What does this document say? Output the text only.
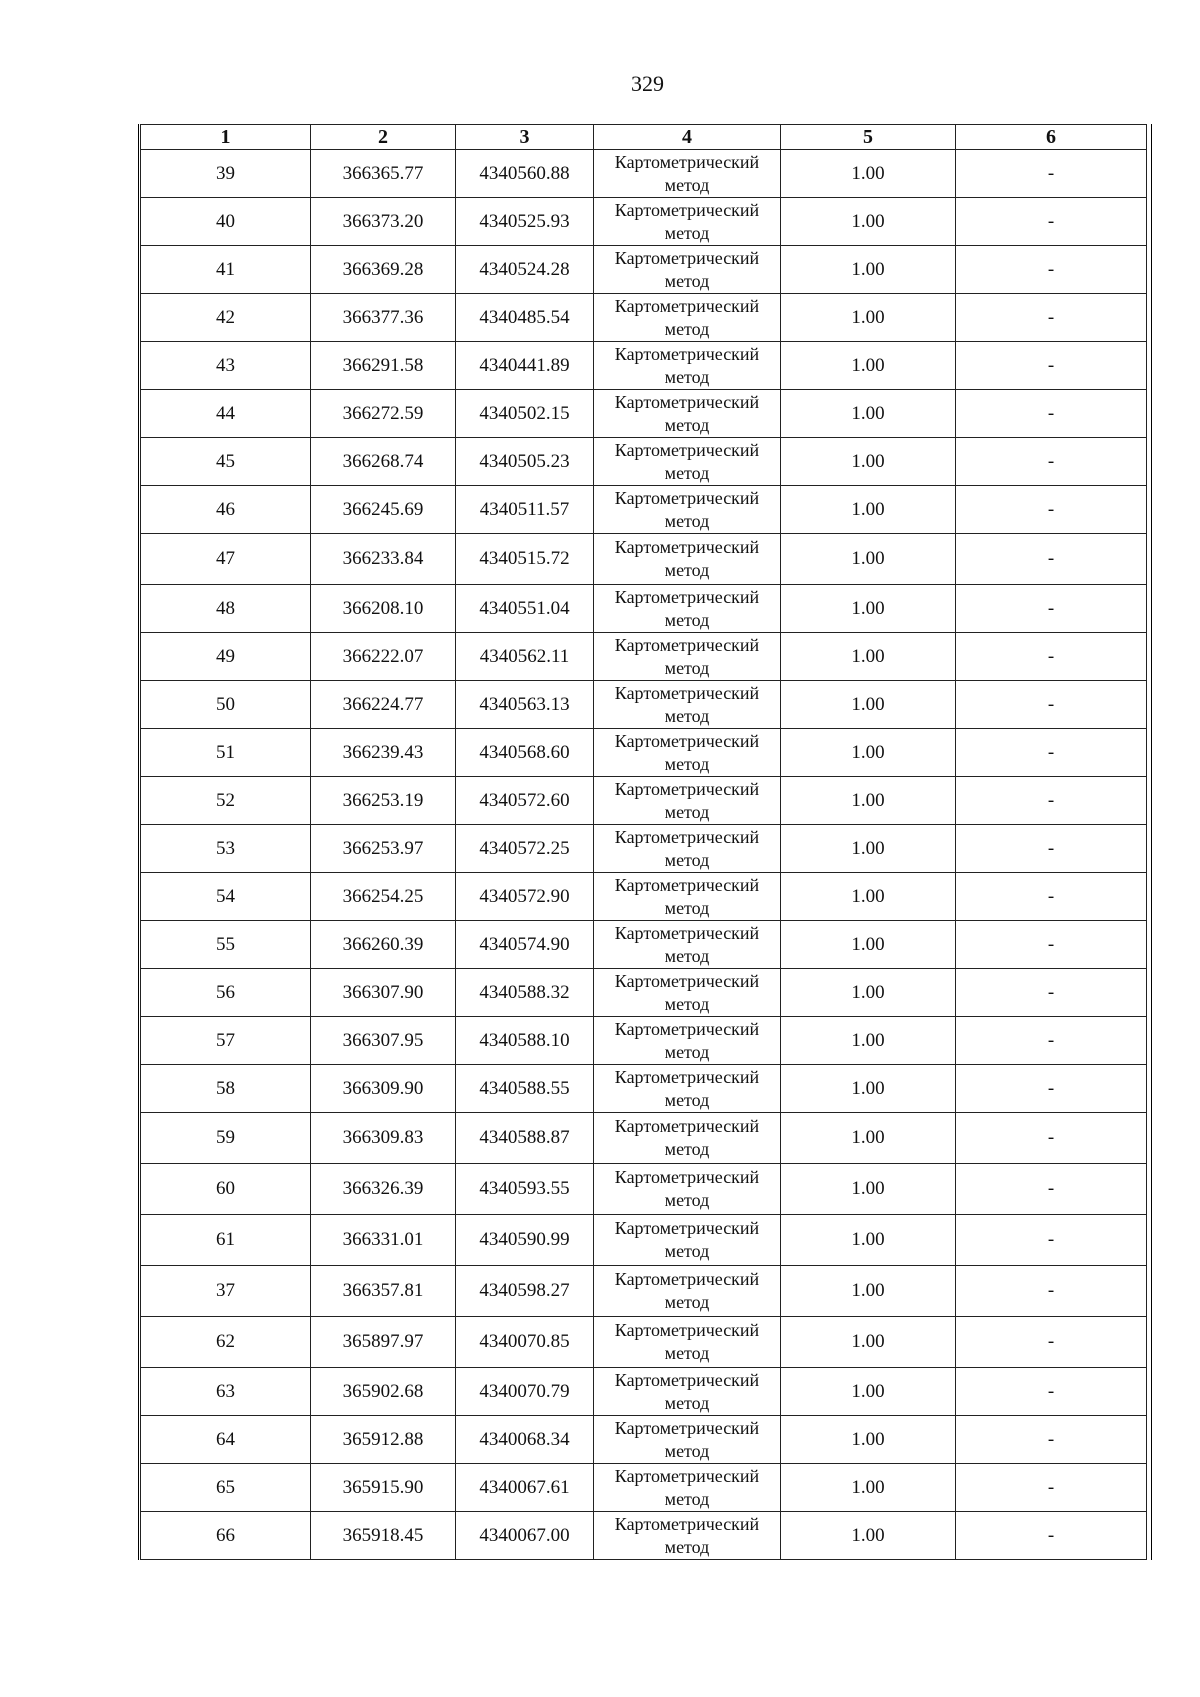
329
1	2	3	4	5	6
39	366365.77	4340560.88	Картометрический метод	1.00	-
40	366373.20	4340525.93	Картометрический метод	1.00	-
41	366369.28	4340524.28	Картометрический метод	1.00	-
42	366377.36	4340485.54	Картометрический метод	1.00	-
43	366291.58	4340441.89	Картометрический метод	1.00	-
44	366272.59	4340502.15	Картометрический метод	1.00	-
45	366268.74	4340505.23	Картометрический метод	1.00	-
46	366245.69	4340511.57	Картометрический метод	1.00	-
47	366233.84	4340515.72	Картометрический метод	1.00	-
48	366208.10	4340551.04	Картометрический метод	1.00	-
49	366222.07	4340562.11	Картометрический метод	1.00	-
50	366224.77	4340563.13	Картометрический метод	1.00	-
51	366239.43	4340568.60	Картометрический метод	1.00	-
52	366253.19	4340572.60	Картометрический метод	1.00	-
53	366253.97	4340572.25	Картометрический метод	1.00	-
54	366254.25	4340572.90	Картометрический метод	1.00	-
55	366260.39	4340574.90	Картометрический метод	1.00	-
56	366307.90	4340588.32	Картометрический метод	1.00	-
57	366307.95	4340588.10	Картометрический метод	1.00	-
58	366309.90	4340588.55	Картометрический метод	1.00	-
59	366309.83	4340588.87	Картометрический метод	1.00	-
60	366326.39	4340593.55	Картометрический метод	1.00	-
61	366331.01	4340590.99	Картометрический метод	1.00	-
37	366357.81	4340598.27	Картометрический метод	1.00	-
62	365897.97	4340070.85	Картометрический метод	1.00	-
63	365902.68	4340070.79	Картометрический метод	1.00	-
64	365912.88	4340068.34	Картометрический метод	1.00	-
65	365915.90	4340067.61	Картометрический метод	1.00	-
66	365918.45	4340067.00	Картометрический метод	1.00	-
